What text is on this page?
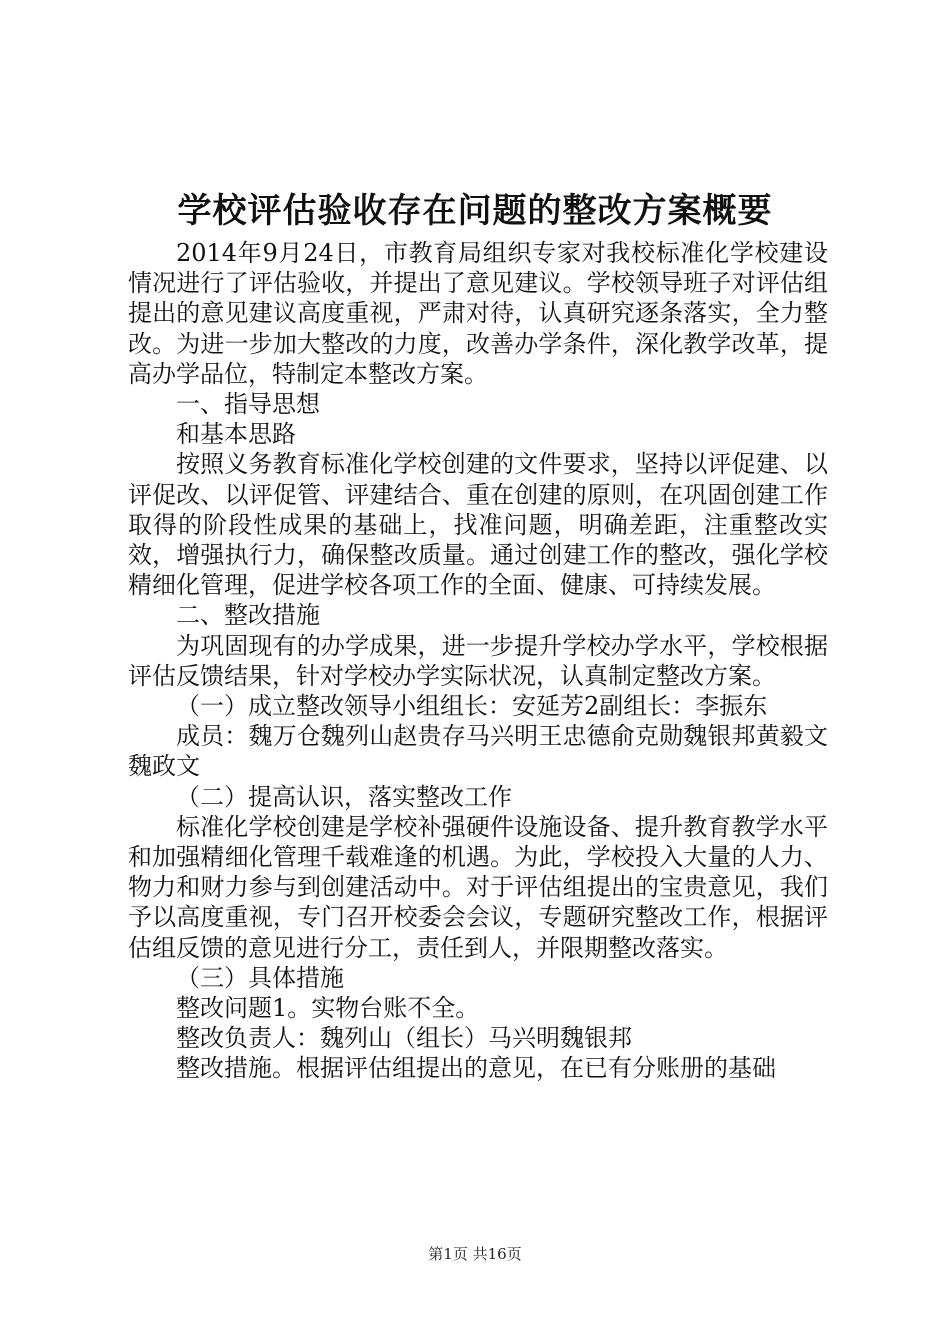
学校评估验收存在问题的整改方案概要

2014年9月24日，市教育局组织专家对我校标准化学校建设情况进行了评估验收，并提出了意见建议。学校领导班子对评估组提出的意见建议高度重视，严肃对待，认真研究逐条落实，全力整改。为进一步加大整改的力度，改善办学条件，深化教学改革，提高办学品位，特制定本整改方案。

一、指导思想

和基本思路

按照义务教育标准化学校创建的文件要求，坚持以评促建、以评促改、以评促管、评建结合、重在创建的原则，在巩固创建工作取得的阶段性成果的基础上，找准问题，明确差距，注重整改实效，增强执行力，确保整改质量。通过创建工作的整改，强化学校精细化管理，促进学校各项工作的全面、健康、可持续发展。

二、整改措施

为巩固现有的办学成果，进一步提升学校办学水平，学校根据评估反馈结果，针对学校办学实际状况，认真制定整改方案。

（一）成立整改领导小组组长：安延芳2副组长：李振东

成员：魏万仓魏列山赵贵存马兴明王忠德俞克勋魏银邦黄毅文魏政文

（二）提高认识，落实整改工作

标准化学校创建是学校补强硬件设施设备、提升教育教学水平和加强精细化管理千载难逢的机遇。为此，学校投入大量的人力、物力和财力参与到创建活动中。对于评估组提出的宝贵意见，我们予以高度重视，专门召开校委会会议，专题研究整改工作，根据评估组反馈的意见进行分工，责任到人，并限期整改落实。

（三）具体措施

整改问题1。实物台账不全。

整改负责人：魏列山（组长）马兴明魏银邦

整改措施。根据评估组提出的意见，在已有分账册的基础

第1页 共16页
